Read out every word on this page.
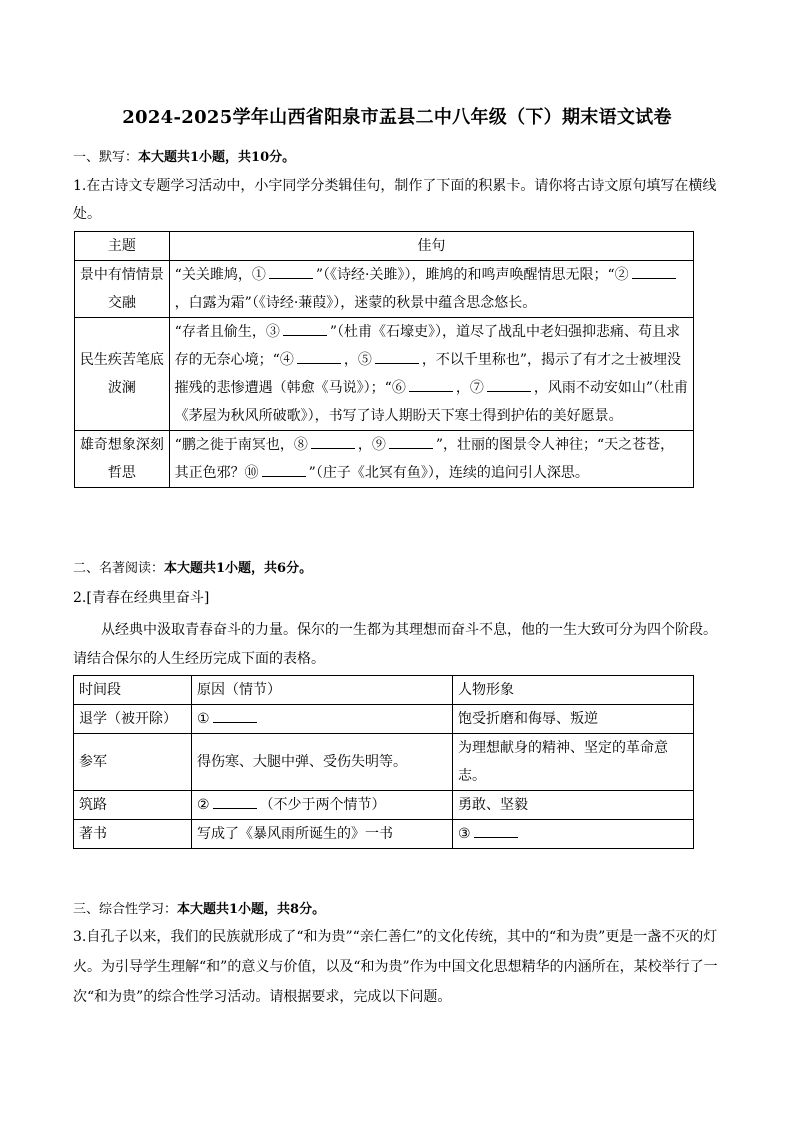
2024-2025学年山西省阳泉市盂县二中八年级（下）期末语文试卷
一、默写：本大题共1小题，共10分。
1.在古诗文专题学习活动中，小宇同学分类辑佳句，制作了下面的积累卡。请你将古诗文原句填写在横线处。
主题	佳句
景中有情情景交融	“关关雎鸠，① ”（《诗经·关雎》），雎鸠的和鸣声唤醒情思无限；“②，白露为霜”（《诗经·蒹葭》），迷蒙的秋景中蕴含思念悠长。
民生疾苦笔底波澜	“存者且偷生，③ ”（杜甫《石壕吏》），道尽了战乱中老妇强抑悲痛、苟且求存的无奈心境；“④ ，⑤ ，不以千里称也”，揭示了有才之士被埋没摧残的悲惨遭遇（韩愈《马说》）；“⑥ ，⑦ ，风雨不动安如山”（杜甫《茅屋为秋风所破歌》），书写了诗人期盼天下寒士得到护佑的美好愿景。
雄奇想象深刻哲思	“鹏之徙于南冥也，⑧ ，⑨ ”，壮丽的图景令人神往；“天之苍苍，其正色邪？⑩ ”（庄子《北冥有鱼》），连续的追问引人深思。
二、名著阅读：本大题共1小题，共6分。
2.[青春在经典里奋斗]
从经典中汲取青春奋斗的力量。保尔的一生都为其理想而奋斗不息，他的一生大致可分为四个阶段。请结合保尔的人生经历完成下面的表格。
时间段	原因（情节）	人物形象
退学（被开除）	①	饱受折磨和侮辱、叛逆
参军	得伤寒、大腿中弹、受伤失明等。	为理想献身的精神、坚定的革命意志。
筑路	② （不少于两个情节）	勇敢、坚毅
著书	写成了《暴风雨所诞生的》一书	③
三、综合性学习：本大题共1小题，共8分。
3.自孔子以来，我们的民族就形成了“和为贵”“亲仁善仁”的文化传统，其中的“和为贵”更是一盏不灭的灯火。为引导学生理解“和”的意义与价值，以及“和为贵”作为中国文化思想精华的内涵所在，某校举行了一次“和为贵”的综合性学习活动。请根据要求，完成以下问题。
